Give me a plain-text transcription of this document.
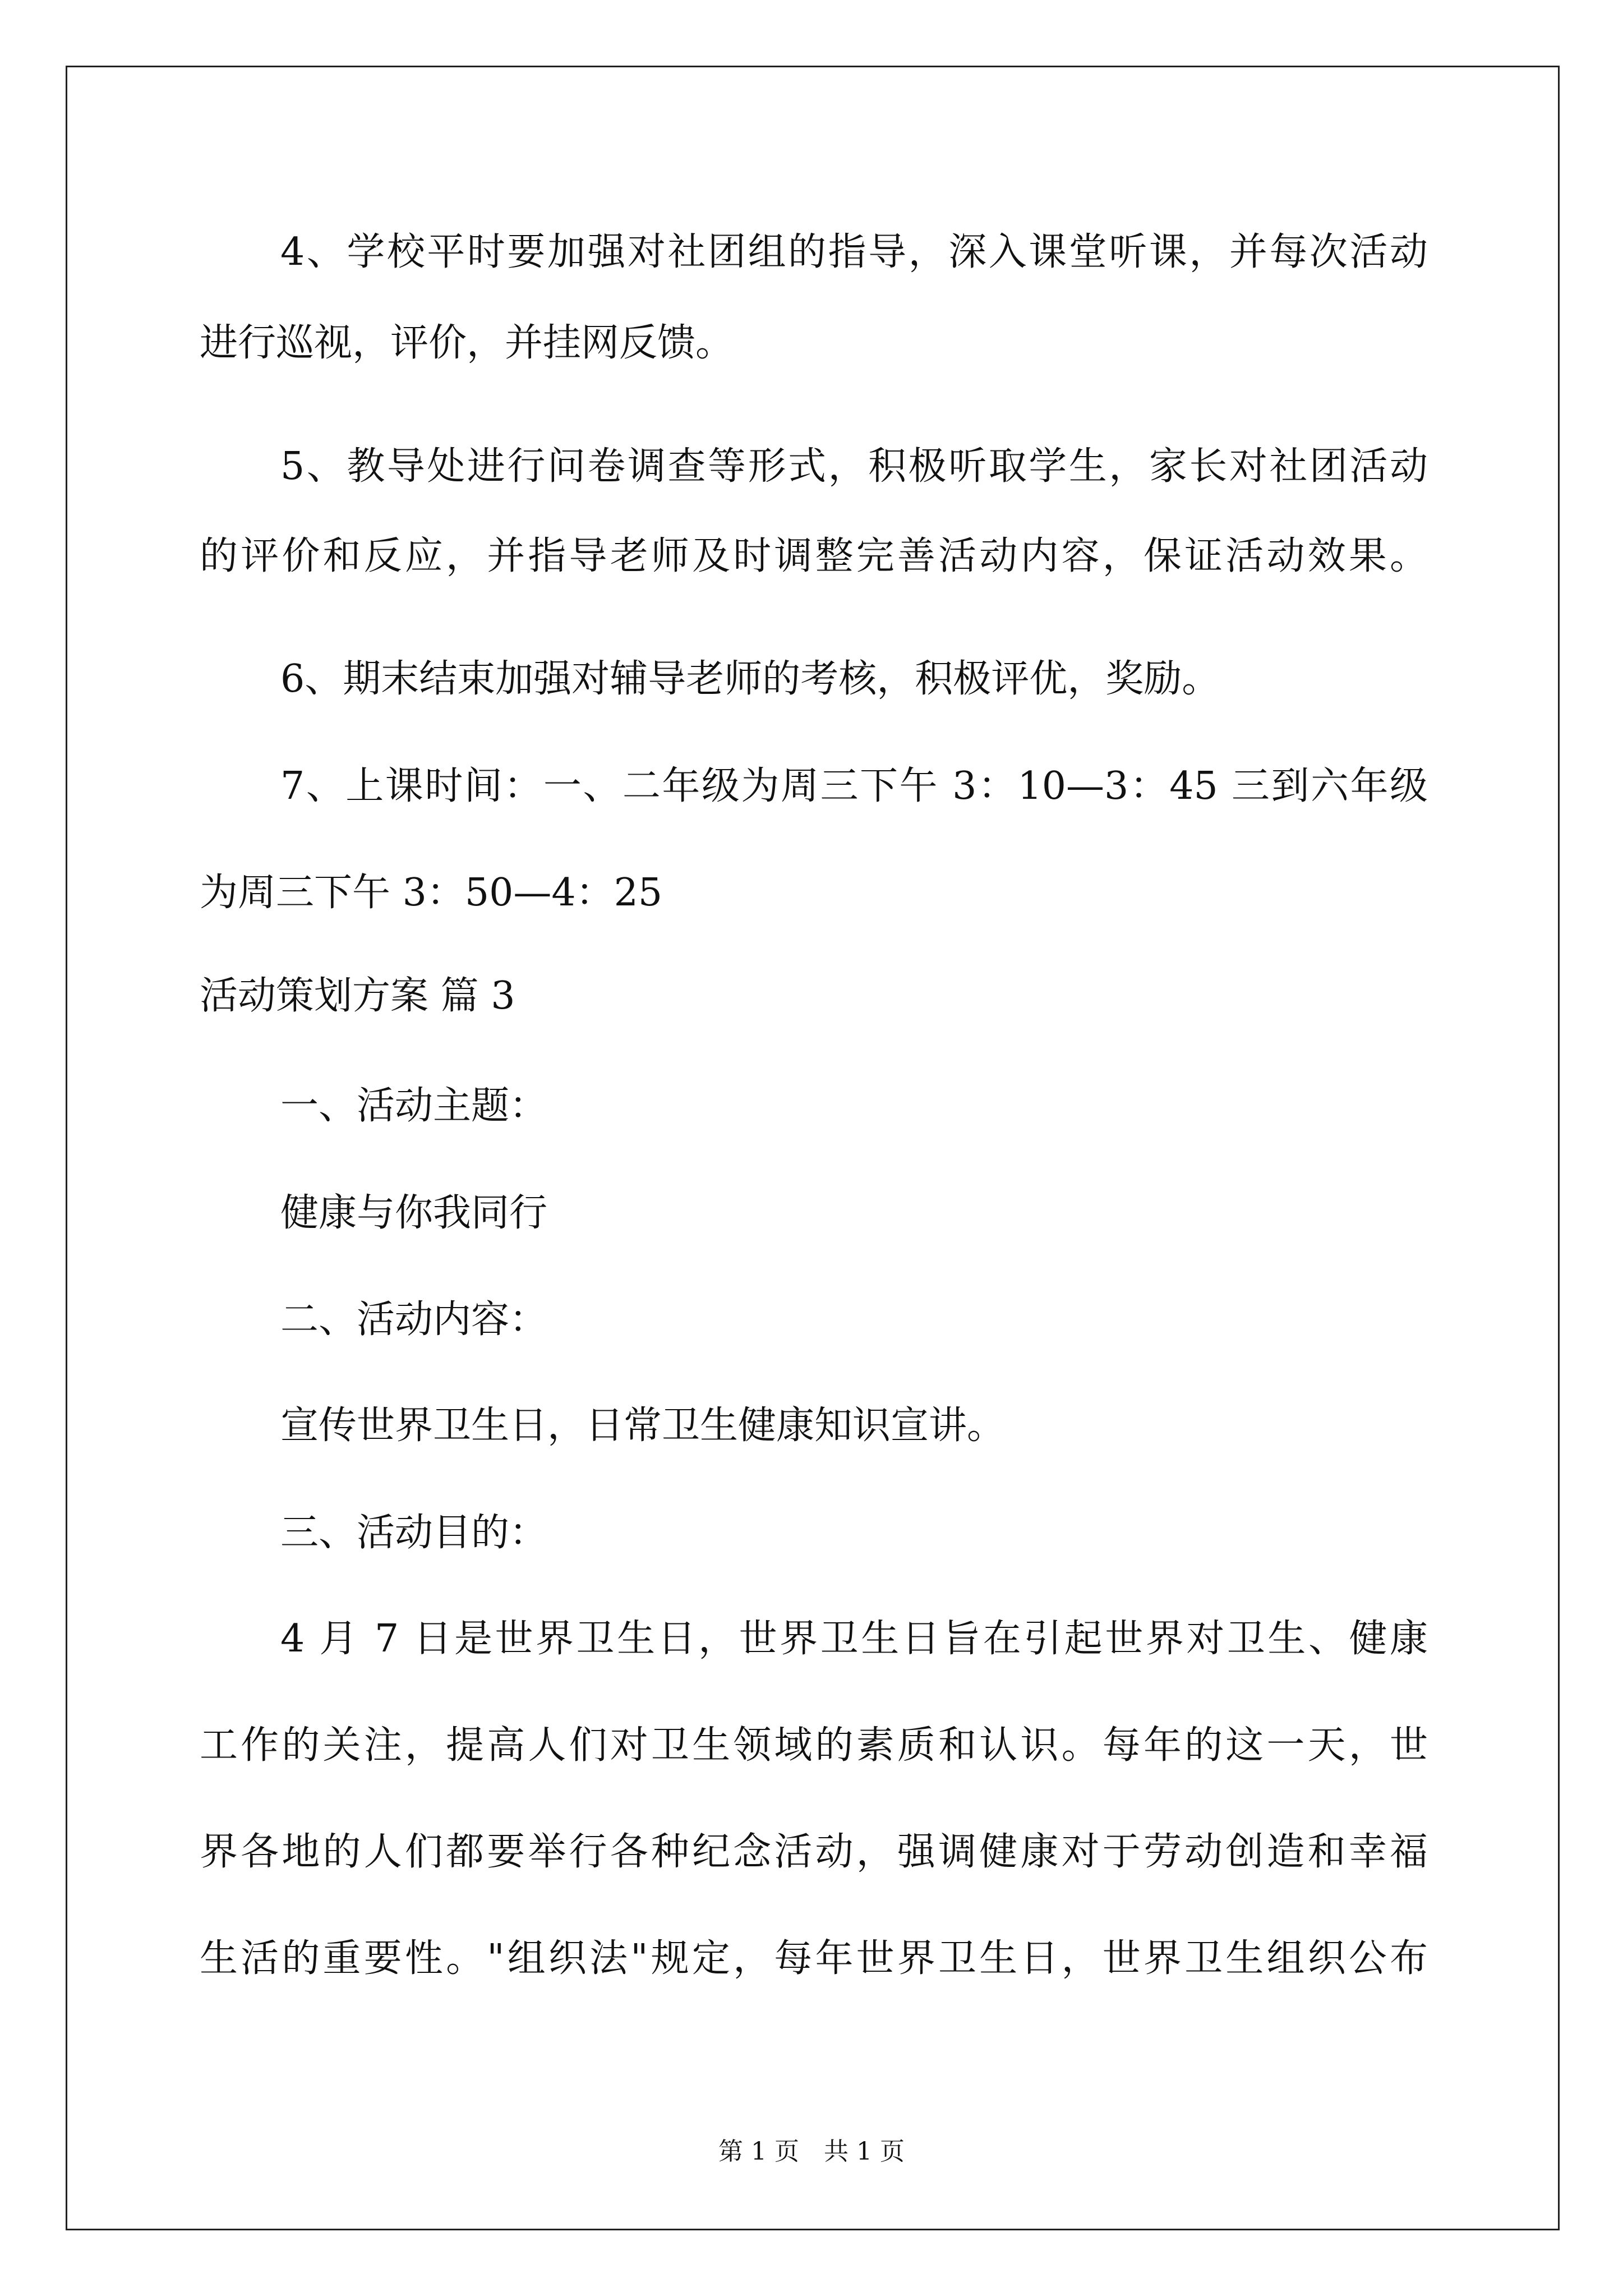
4、学校平时要加强对社团组的指导，深入课堂听课，并每次活动
进行巡视，评价，并挂网反馈。
5、教导处进行问卷调查等形式，积极听取学生，家长对社团活动
的评价和反应，并指导老师及时调整完善活动内容，保证活动效果。
6、期末结束加强对辅导老师的考核，积极评优，奖励。
7、上课时间：一、二年级为周三下午 3：10—3：45 三到六年级
为周三下午 3：50—4：25
活动策划方案 篇 3
一、活动主题：
健康与你我同行
二、活动内容：
宣传世界卫生日，日常卫生健康知识宣讲。
三、活动目的：
4 月 7 日是世界卫生日，世界卫生日旨在引起世界对卫生、健康
工作的关注，提高人们对卫生领域的素质和认识。每年的这一天，世
界各地的人们都要举行各种纪念活动，强调健康对于劳动创造和幸福
生活的重要性。"组织法"规定，每年世界卫生日，世界卫生组织公布
第 1 页 共 1 页
